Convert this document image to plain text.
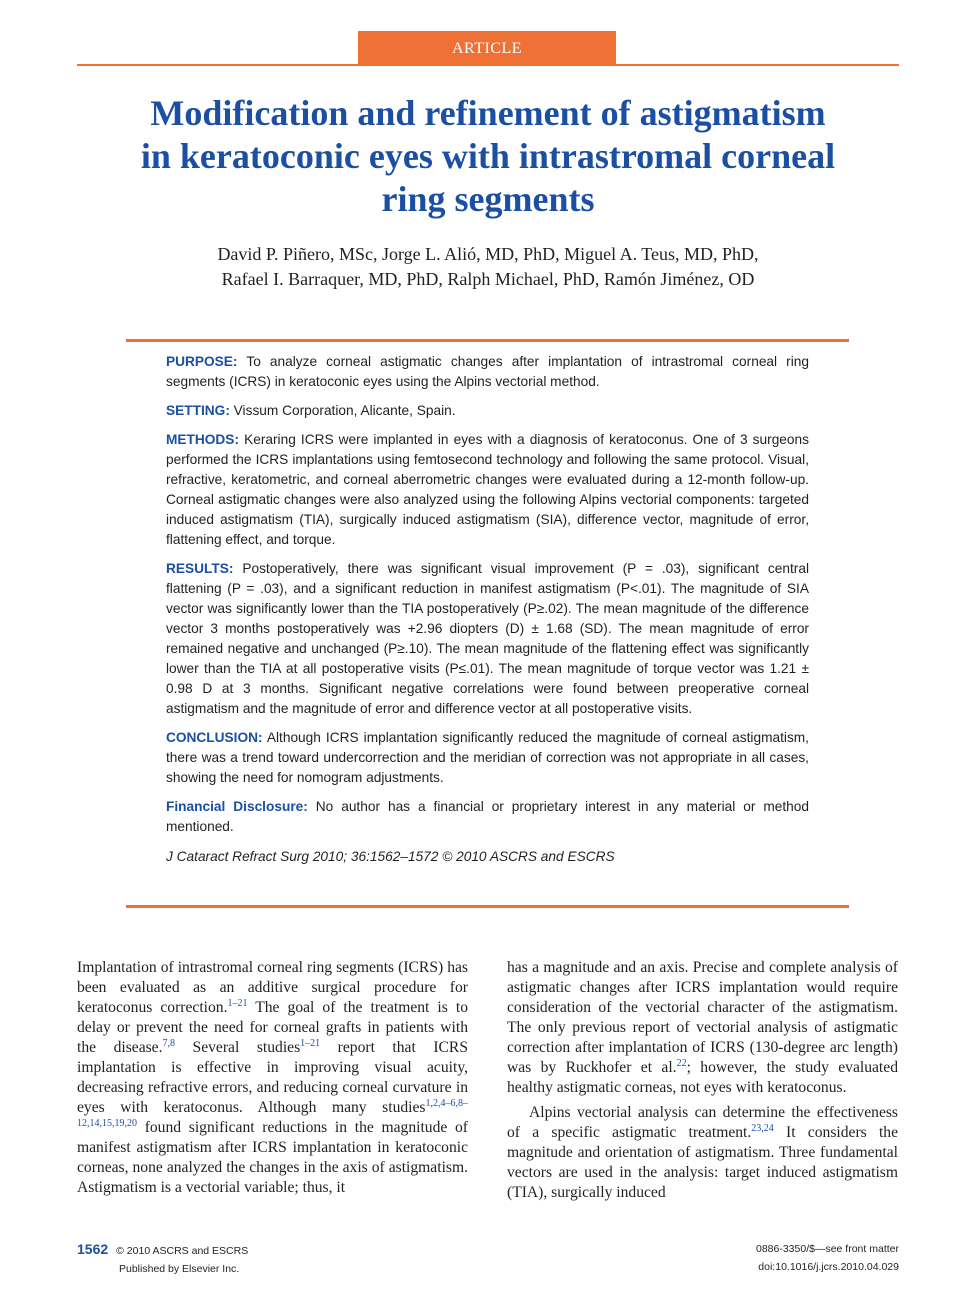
ARTICLE
Modification and refinement of astigmatism
in keratoconic eyes with intrastromal corneal
ring segments
David P. Piñero, MSc, Jorge L. Alió, MD, PhD, Miguel A. Teus, MD, PhD,
Rafael I. Barraquer, MD, PhD, Ralph Michael, PhD, Ramón Jiménez, OD

PURPOSE: To analyze corneal astigmatic changes after implantation of intrastromal corneal ring segments (ICRS) in keratoconic eyes using the Alpins vectorial method.

SETTING: Vissum Corporation, Alicante, Spain.

METHODS: Keraring ICRS were implanted in eyes with a diagnosis of keratoconus. One of 3 surgeons performed the ICRS implantations using femtosecond technology and following the same protocol. Visual, refractive, keratometric, and corneal aberrometric changes were evaluated during a 12-month follow-up. Corneal astigmatic changes were also analyzed using the following Alpins vectorial components: targeted induced astigmatism (TIA), surgically induced astigmatism (SIA), difference vector, magnitude of error, flattening effect, and torque.

RESULTS: Postoperatively, there was significant visual improvement (P = .03), significant central flattening (P = .03), and a significant reduction in manifest astigmatism (P<.01). The magnitude of SIA vector was significantly lower than the TIA postoperatively (P≥.02). The mean magnitude of the difference vector 3 months postoperatively was +2.96 diopters (D) ± 1.68 (SD). The mean magnitude of error remained negative and unchanged (P≥.10). The mean magnitude of the flattening effect was significantly lower than the TIA at all postoperative visits (P≤.01). The mean magnitude of torque vector was 1.21 ± 0.98 D at 3 months. Significant negative correlations were found between preoperative corneal astigmatism and the magnitude of error and difference vector at all postoperative visits.

CONCLUSION: Although ICRS implantation significantly reduced the magnitude of corneal astigmatism, there was a trend toward undercorrection and the meridian of correction was not appropriate in all cases, showing the need for nomogram adjustments.

Financial Disclosure: No author has a financial or proprietary interest in any material or method mentioned.

J Cataract Refract Surg 2010; 36:1562–1572 © 2010 ASCRS and ESCRS

Implantation of intrastromal corneal ring segments (ICRS) has been evaluated as an additive surgical procedure for keratoconus correction.$^{1-21}$ The goal of the treatment is to delay or prevent the need for corneal grafts in patients with the disease.$^{7,8}$ Several studies$^{1-21}$ report that ICRS implantation is effective in improving visual acuity, decreasing refractive errors, and reducing corneal curvature in eyes with keratoconus. Although many studies$^{1,2,4-6,8-12,14,15,19,20}$ found significant reductions in the magnitude of manifest astigmatism after ICRS implantation in keratoconic corneas, none analyzed the changes in the axis of astigmatism. Astigmatism is a vectorial variable; thus, it

has a magnitude and an axis. Precise and complete analysis of astigmatic changes after ICRS implantation would require consideration of the vectorial character of the astigmatism. The only previous report of vectorial analysis of astigmatic correction after implantation of ICRS (130-degree arc length) was by Ruckhofer et al.$^{22}$; however, the study evaluated healthy astigmatic corneas, not eyes with keratoconus.

Alpins vectorial analysis can determine the effectiveness of a specific astigmatic treatment.$^{23,24}$ It considers the magnitude and orientation of astigmatism. Three fundamental vectors are used in the analysis: target induced astigmatism (TIA), surgically induced

1562 © 2010 ASCRS and ESCRS
Published by Elsevier Inc.
0886-3350/$—see front matter
doi:10.1016/j.jcrs.2010.04.029
